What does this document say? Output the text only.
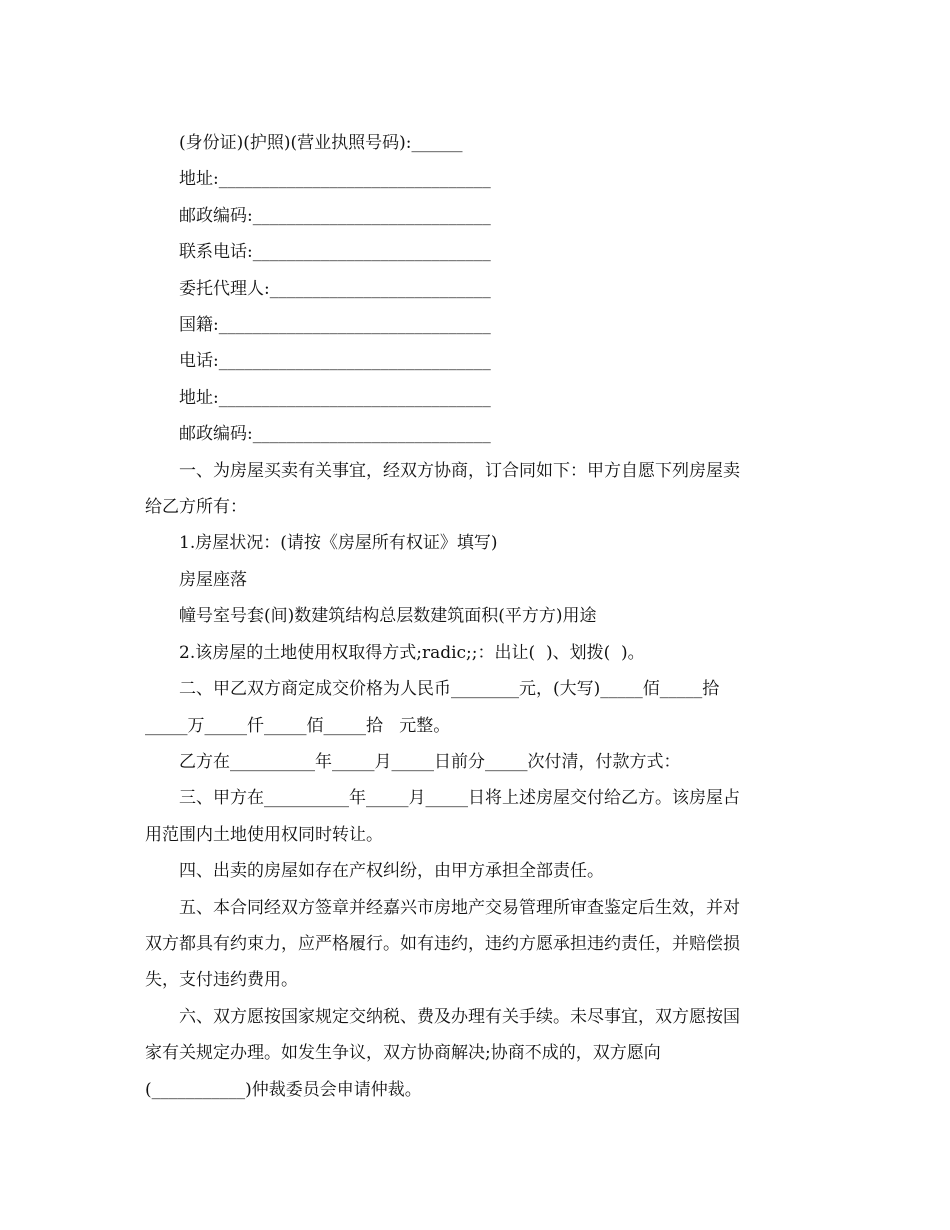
(身份证)(护照)(营业执照号码):______

地址:________________________________

邮政编码:____________________________

联系电话:____________________________

委托代理人:__________________________

国籍:________________________________

电话:________________________________

地址:________________________________

邮政编码:____________________________

一、为房屋买卖有关事宜，经双方协商，订合同如下：甲方自愿下列房屋卖

给乙方所有：

1.房屋状况：(请按《房屋所有权证》填写)

房屋座落

幢号室号套(间)数建筑结构总层数建筑面积(平方方)用途

2.该房屋的土地使用权取得方式;radic;;：出让(  )、划拨(  )。

二、甲乙双方商定成交价格为人民币________元，(大写)_____佰_____拾

_____万_____仟_____佰_____拾   元整。

乙方在__________年_____月_____日前分_____次付清，付款方式：

三、甲方在__________年_____月_____日将上述房屋交付给乙方。该房屋占

用范围内土地使用权同时转让。

四、出卖的房屋如存在产权纠纷，由甲方承担全部责任。

五、本合同经双方签章并经嘉兴市房地产交易管理所审查鉴定后生效，并对

双方都具有约束力，应严格履行。如有违约，违约方愿承担违约责任，并赔偿损

失，支付违约费用。

六、双方愿按国家规定交纳税、费及办理有关手续。未尽事宜，双方愿按国

家有关规定办理。如发生争议，双方协商解决;协商不成的，双方愿向

(___________)仲裁委员会申请仲裁。
